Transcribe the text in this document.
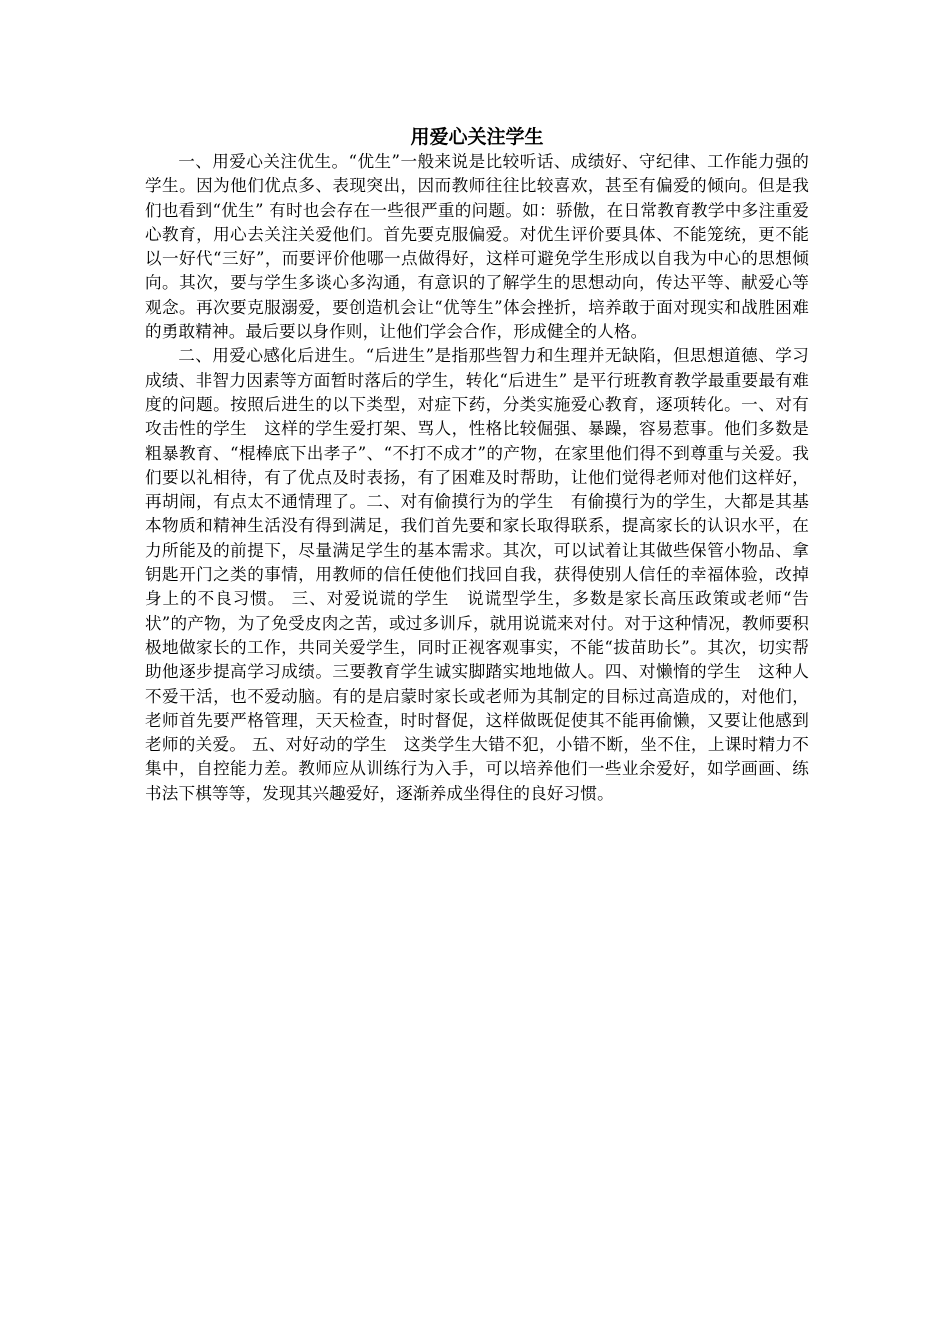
用爱心关注学生

一、用爱心关注优生。“优生”一般来说是比较听话、成绩好、守纪律、工作能力强的学生。因为他们优点多、表现突出，因而教师往往比较喜欢，甚至有偏爱的倾向。但是我们也看到“优生” 有时也会存在一些很严重的问题。如：骄傲，在日常教育教学中多注重爱心教育，用心去关注关爱他们。首先要克服偏爱。对优生评价要具体、不能笼统，更不能以一好代“三好”，而要评价他哪一点做得好，这样可避免学生形成以自我为中心的思想倾向。其次，要与学生多谈心多沟通，有意识的了解学生的思想动向，传达平等、献爱心等观念。再次要克服溺爱，要创造机会让“优等生”体会挫折，培养敢于面对现实和战胜困难的勇敢精神。最后要以身作则，让他们学会合作，形成健全的人格。

二、用爱心感化后进生。“后进生”是指那些智力和生理并无缺陷，但思想道德、学习成绩、非智力因素等方面暂时落后的学生，转化“后进生” 是平行班教育教学最重要最有难度的问题。按照后进生的以下类型，对症下药，分类实施爱心教育，逐项转化。一、对有攻击性的学生　这样的学生爱打架、骂人，性格比较倔强、暴躁，容易惹事。他们多数是粗暴教育、“棍棒底下出孝子”、“不打不成才”的产物，在家里他们得不到尊重与关爱。我们要以礼相待，有了优点及时表扬，有了困难及时帮助，让他们觉得老师对他们这样好，再胡闹，有点太不通情理了。二、对有偷摸行为的学生　有偷摸行为的学生，大都是其基本物质和精神生活没有得到满足，我们首先要和家长取得联系，提高家长的认识水平，在力所能及的前提下，尽量满足学生的基本需求。其次，可以试着让其做些保管小物品、拿钥匙开门之类的事情，用教师的信任使他们找回自我，获得使别人信任的幸福体验，改掉身上的不良习惯。 三、对爱说谎的学生　说谎型学生，多数是家长高压政策或老师“告状”的产物，为了免受皮肉之苦，或过多训斥，就用说谎来对付。对于这种情况，教师要积极地做家长的工作，共同关爱学生，同时正视客观事实，不能“拔苗助长”。其次，切实帮助他逐步提高学习成绩。三要教育学生诚实脚踏实地地做人。四、对懒惰的学生　这种人不爱干活，也不爱动脑。有的是启蒙时家长或老师为其制定的目标过高造成的，对他们，老师首先要严格管理，天天检查，时时督促，这样做既促使其不能再偷懒，又要让他感到老师的关爱。 五、对好动的学生　这类学生大错不犯，小错不断，坐不住，上课时精力不集中，自控能力差。教师应从训练行为入手，可以培养他们一些业余爱好，如学画画、练书法下棋等等，发现其兴趣爱好，逐渐养成坐得住的良好习惯。
